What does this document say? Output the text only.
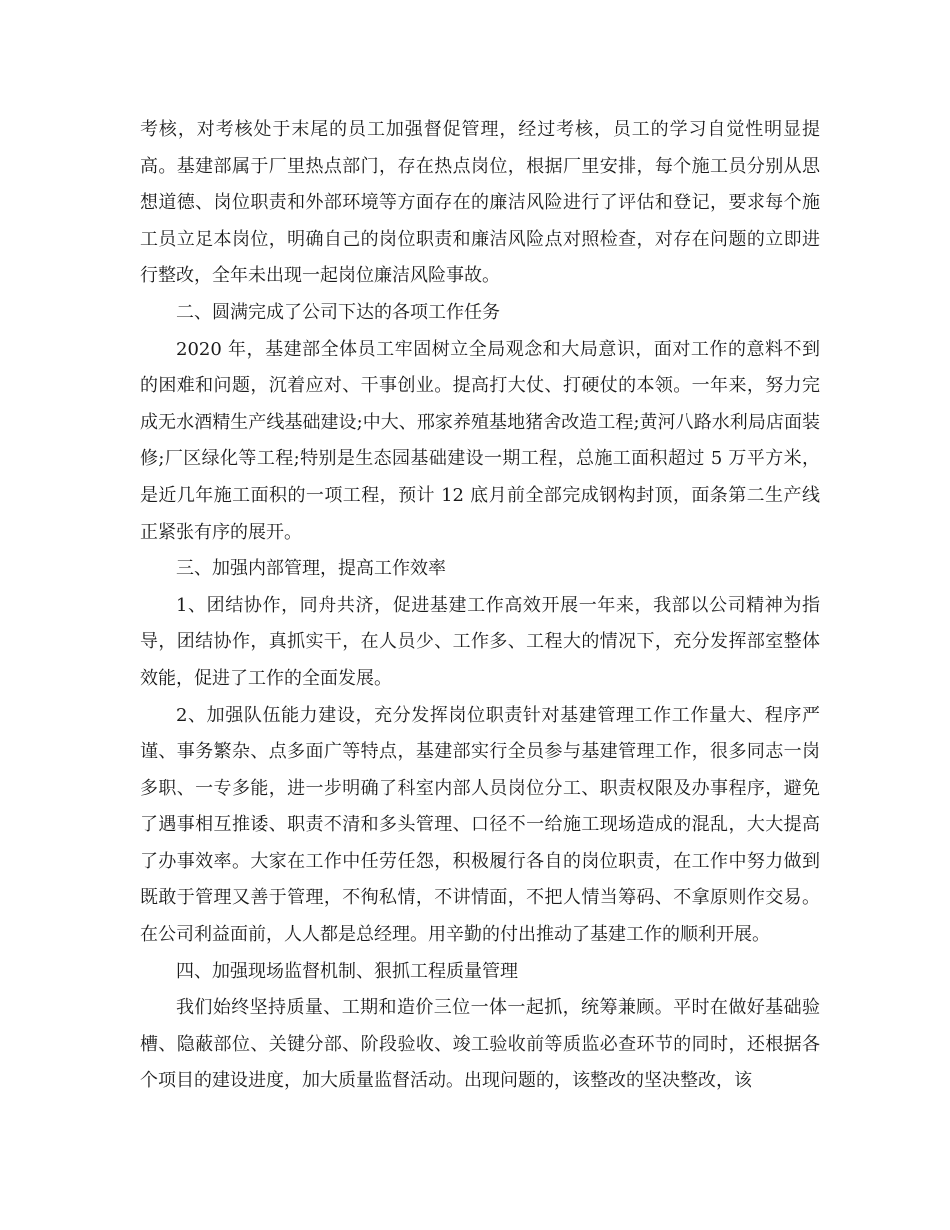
考核，对考核处于末尾的员工加强督促管理，经过考核，员工的学习自觉性明显提高。基建部属于厂里热点部门，存在热点岗位，根据厂里安排，每个施工员分别从思想道德、岗位职责和外部环境等方面存在的廉洁风险进行了评估和登记，要求每个施工员立足本岗位，明确自己的岗位职责和廉洁风险点对照检查，对存在问题的立即进行整改，全年未出现一起岗位廉洁风险事故。

二、圆满完成了公司下达的各项工作任务

2020 年，基建部全体员工牢固树立全局观念和大局意识，面对工作的意料不到的困难和问题，沉着应对、干事创业。提高打大仗、打硬仗的本领。一年来，努力完成无水酒精生产线基础建设;中大、邢家养殖基地猪舍改造工程;黄河八路水利局店面装修;厂区绿化等工程;特别是生态园基础建设一期工程，总施工面积超过 5 万平方米，是近几年施工面积的一项工程，预计 12 底月前全部完成钢构封顶，面条第二生产线正紧张有序的展开。

三、加强内部管理，提高工作效率

1、团结协作，同舟共济，促进基建工作高效开展一年来，我部以公司精神为指导，团结协作，真抓实干，在人员少、工作多、工程大的情况下，充分发挥部室整体效能，促进了工作的全面发展。

2、加强队伍能力建设，充分发挥岗位职责针对基建管理工作工作量大、程序严谨、事务繁杂、点多面广等特点，基建部实行全员参与基建管理工作，很多同志一岗多职、一专多能，进一步明确了科室内部人员岗位分工、职责权限及办事程序，避免了遇事相互推诿、职责不清和多头管理、口径不一给施工现场造成的混乱，大大提高了办事效率。大家在工作中任劳任怨，积极履行各自的岗位职责，在工作中努力做到既敢于管理又善于管理，不徇私情，不讲情面，不把人情当筹码、不拿原则作交易。在公司利益面前，人人都是总经理。用辛勤的付出推动了基建工作的顺利开展。

四、加强现场监督机制、狠抓工程质量管理

我们始终坚持质量、工期和造价三位一体一起抓，统筹兼顾。平时在做好基础验槽、隐蔽部位、关键分部、阶段验收、竣工验收前等质监必查环节的同时，还根据各个项目的建设进度，加大质量监督活动。出现问题的，该整改的坚决整改，该
